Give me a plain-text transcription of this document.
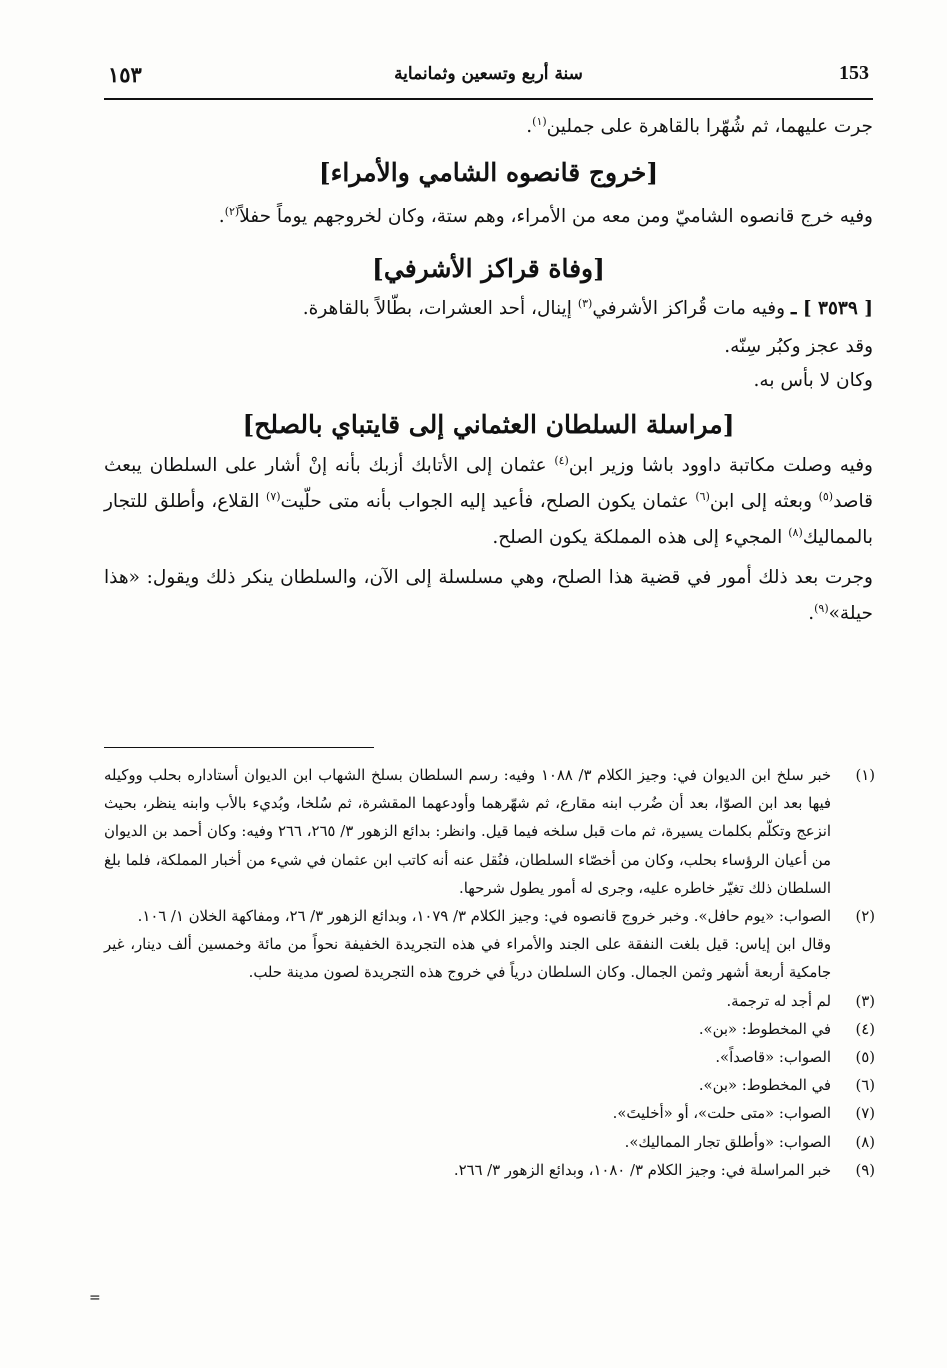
١٥٣	سنة أربع وتسعين وثمانماية	153

جرت عليهما، ثم شُهّرا بالقاهرة على جملين$^{(١)}$.

[خروج قانصوه الشامي والأمراء]

وفيه خرج قانصوه الشاميّ ومن معه من الأمراء، وهم ستة، وكان لخروجهم يوماً حفلاً$^{(٢)}$.

[وفاة قراكز الأشرفي]

[ ٣٥٣٩ ] ـ وفيه مات قُراكز الأشرفي$^{(٣)}$ إينال، أحد العشرات، بطّالاً بالقاهرة.

وقد عجز وكبُر سِنّه.

وكان لا بأس به.

[مراسلة السلطان العثماني إلى قايتباي بالصلح]

وفيه وصلت مكاتبة داوود باشا وزير ابن$^{(٤)}$ عثمان إلى الأتابك أزبك بأنه إنْ أشار على السلطان يبعث قاصد$^{(٥)}$ وبعثه إلى ابن$^{(٦)}$ عثمان يكون الصلح، فأعيد إليه الجواب بأنه متى حلّيت$^{(٧)}$ القلاع، وأطلق للتجار بالمماليك$^{(٨)}$ المجيء إلى هذه المملكة يكون الصلح.

وجرت بعد ذلك أمور في قضية هذا الصلح، وهي مسلسلة إلى الآن، والسلطان ينكر ذلك ويقول: «هذا حيلة»$^{(٩)}$.

(١)
خبر سلخ ابن الديوان في: وجيز الكلام ٣/ ١٠٨٨ وفيه: رسم السلطان بسلخ الشهاب ابن الديوان أستاداره بحلب ووكيله فيها بعد ابن الصوّا، بعد أن ضُرب ابنه مقارع، ثم شهّرهما وأودعهما المقشرة، ثم سُلخا، وبُديء بالأب وابنه ينظر، بحيث انزعج وتكلّم بكلمات يسيرة، ثم مات قبل سلخه فيما قيل. وانظر: بدائع الزهور ٣/ ٢٦٥، ٢٦٦ وفيه: وكان أحمد بن الديوان من أعيان الرؤساء بحلب، وكان من أخصّاء السلطان، فنُقل عنه أنه كاتب ابن عثمان في شيء من أخبار المملكة، فلما بلغ السلطان ذلك تغيّر خاطره عليه، وجرى له أمور يطول شرحها.
(٢)
الصواب: «يوم حافل». وخبر خروج قانصوه في: وجيز الكلام ٣/ ١٠٧٩، وبدائع الزهور ٣/ ٢٦، ومفاكهة الخلان ١/ ١٠٦.
وقال ابن إياس: قيل بلغت النفقة على الجند والأمراء في هذه التجريدة الخفيفة نحواً من مائة وخمسين ألف دينار، غير جامكية أربعة أشهر وثمن الجمال. وكان السلطان درياً في خروج هذه التجريدة لصون مدينة حلب.
(٣)
لم أجد له ترجمة.
(٤)
في المخطوط: «بن».
(٥)
الصواب: «قاصداً».
(٦)
في المخطوط: «بن».
(٧)
الصواب: «متى حلت»، أو «أخليتَ».
(٨)
الصواب: «وأطلق تجار المماليك».
(٩)
خبر المراسلة في: وجيز الكلام ٣/ ١٠٨٠، وبدائع الزهور ٣/ ٢٦٦.
=
